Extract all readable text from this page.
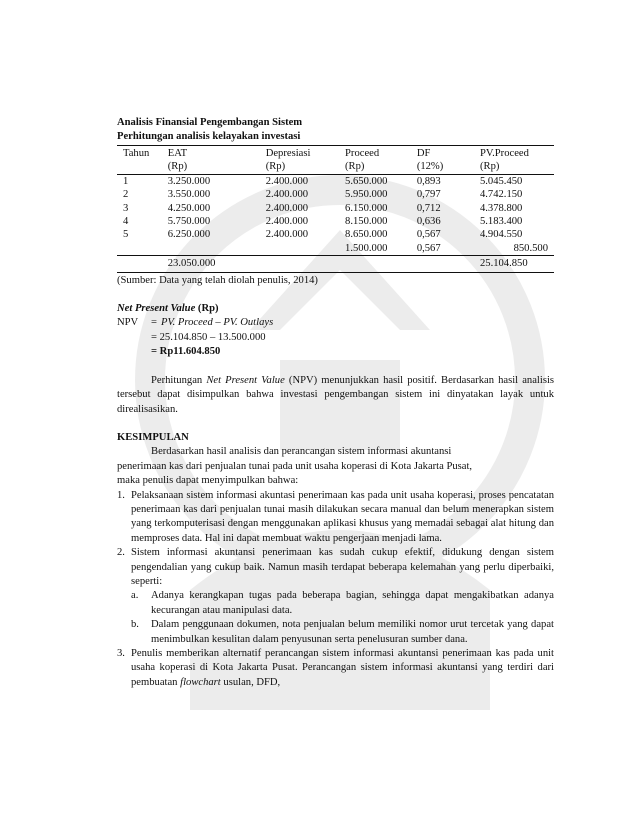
Analisis Finansial Pengembangan Sistem
Perhitungan analisis kelayakan investasi
Tahun	EAT	Depresiasi	Proceed	DF	PV.Proceed
	(Rp)	(Rp)	(Rp)	(12%)	(Rp)
1	3.250.000	2.400.000	5.650.000	0,893	5.045.450
2	3.550.000	2.400.000	5.950.000	0,797	4.742.150
3	4.250.000	2.400.000	6.150.000	0,712	4.378.800
4	5.750.000	2.400.000	8.150.000	0,636	5.183.400
5	6.250.000	2.400.000	8.650.000	0,567	4.904.550
			1.500.000	0,567	850.500
	23.050.000				25.104.850
(Sumber: Data yang telah diolah penulis, 2014)
Net Present Value (Rp)
NPV	= PV. Proceed – PV. Outlays
= 25.104.850 – 13.500.000
= Rp11.604.850

Perhitungan Net Present Value (NPV) menunjukkan hasil positif. Berdasarkan hasil analisis tersebut dapat disimpulkan bahwa investasi pengembangan sistem ini dinyatakan layak untuk direalisasikan.

KESIMPULAN
Berdasarkan hasil analisis dan perancangan sistem informasi akuntansi
penerimaan kas dari penjualan tunai pada unit usaha koperasi di Kota Jakarta Pusat,
maka penulis dapat menyimpulkan bahwa:
1. Pelaksanaan sistem informasi akuntasi penerimaan kas pada unit usaha koperasi, proses pencatatan penerimaan kas dari penjualan tunai masih dilakukan secara manual dan belum menerapkan sistem yang terkomputerisasi dengan menggunakan aplikasi khusus yang memadai sebagai alat hitung dan memproses data. Hal ini dapat membuat waktu pengerjaan menjadi lama.
2. Sistem informasi akuntansi penerimaan kas sudah cukup efektif, didukung dengan sistem pengendalian yang cukup baik. Namun masih terdapat beberapa kelemahan yang perlu diperbaiki, seperti:
a.	Adanya kerangkapan tugas pada beberapa bagian, sehingga dapat mengakibatkan adanya kecurangan atau manipulasi data.
b.	Dalam penggunaan dokumen, nota penjualan belum memiliki nomor urut tercetak yang dapat menimbulkan kesulitan dalam penyusunan serta penelusuran sumber dana.
3. Penulis memberikan alternatif perancangan sistem informasi akuntansi penerimaan kas pada unit usaha koperasi di Kota Jakarta Pusat. Perancangan sistem informasi akuntansi yang terdiri dari pembuatan flowchart usulan, DFD,
